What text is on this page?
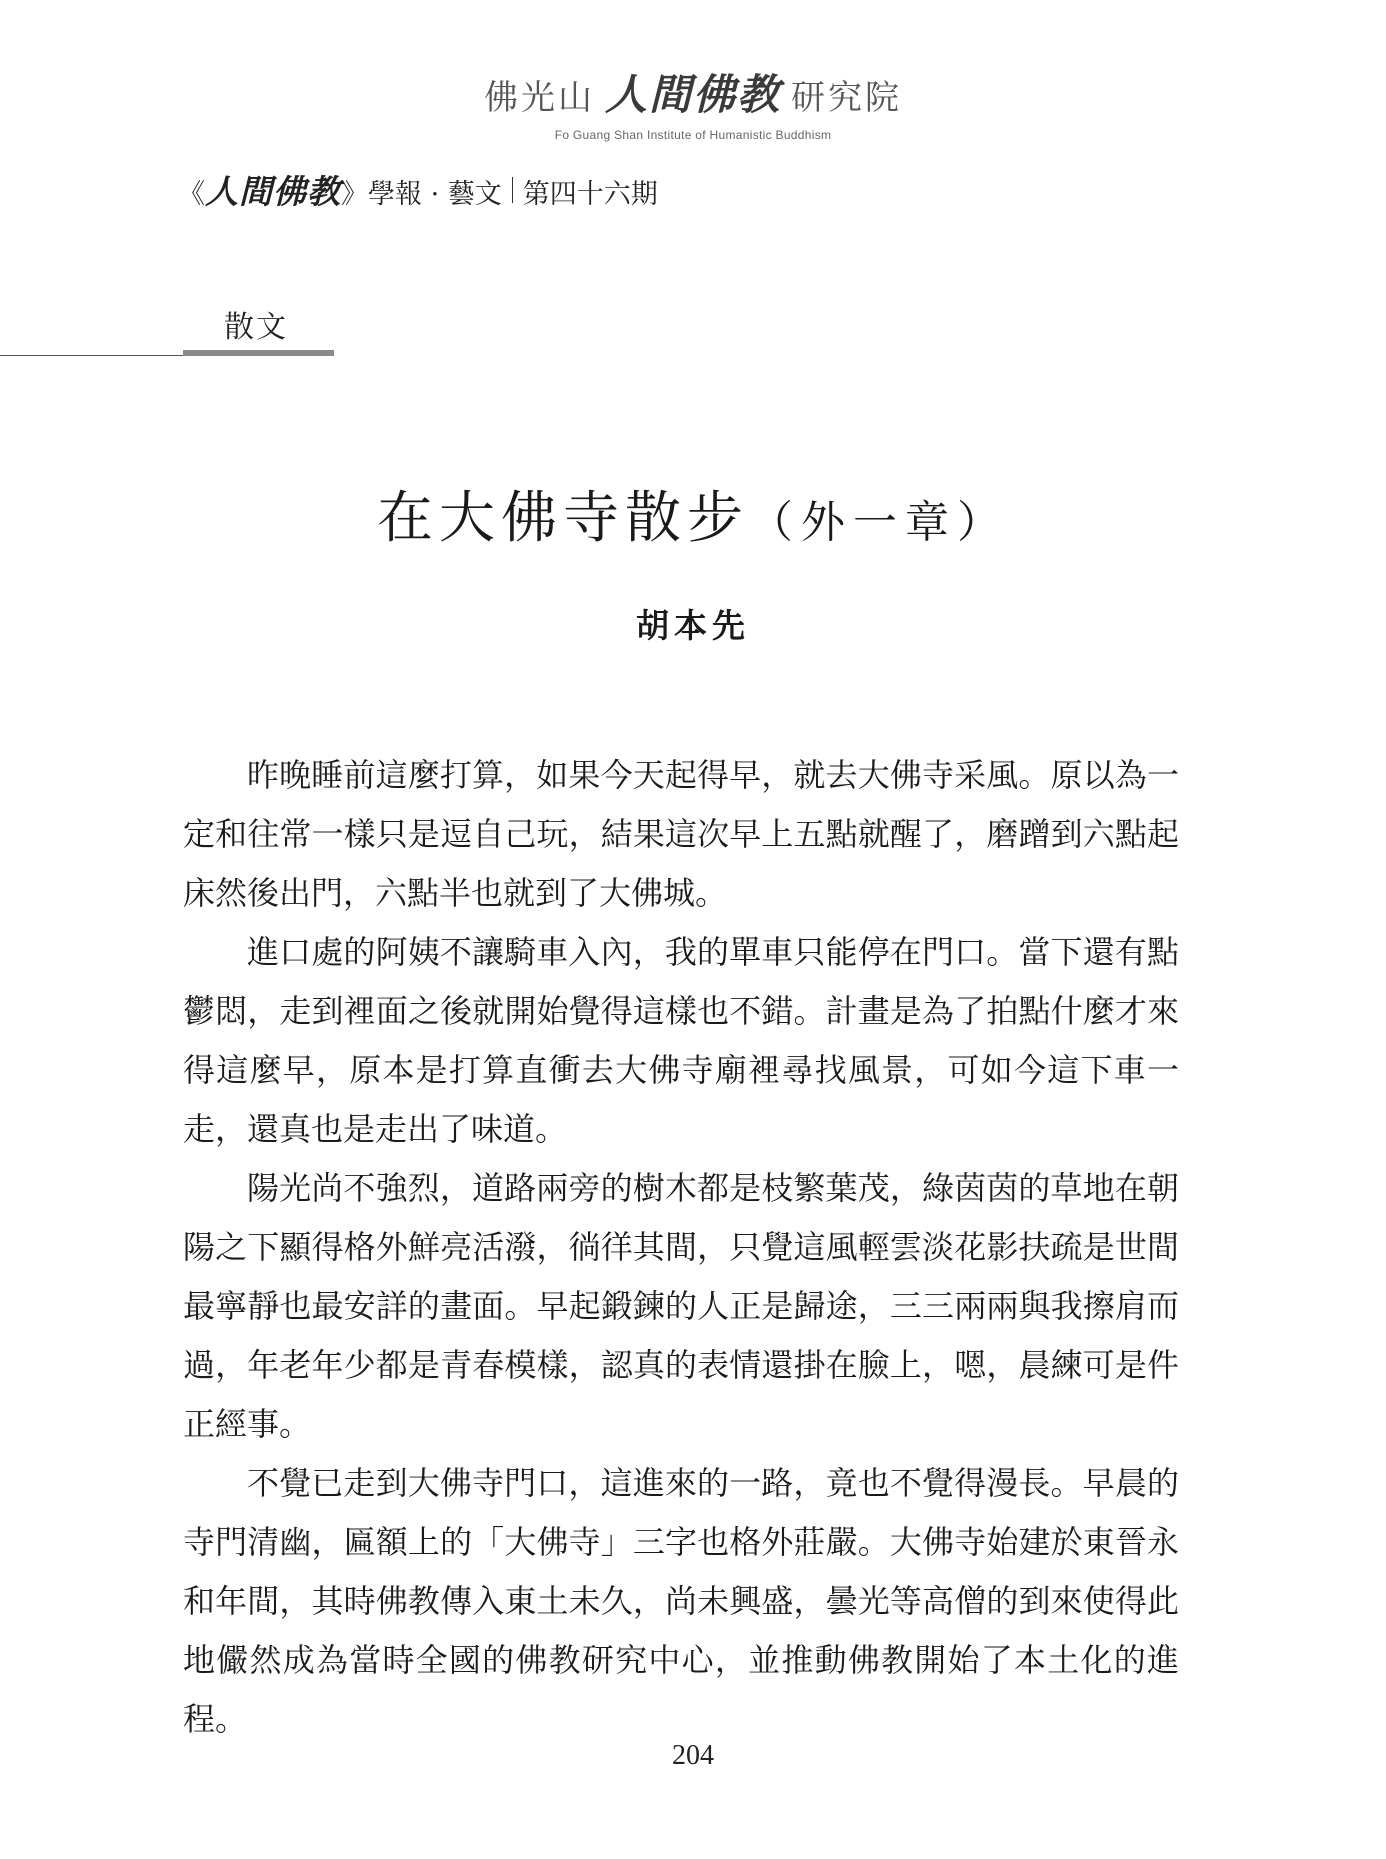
佛光山 人間佛教 研究院
Fo Guang Shan Institute of Humanistic Buddhism
《 人間佛教 》 學報 · 藝文 第四十六期
散文
在大佛寺散步（外一章）
胡本先

昨晚睡前這麼打算，如果今天起得早，就去大佛寺采風。原以為一定和往常一樣只是逗自己玩，結果這次早上五點就醒了，磨蹭到六點起床然後出門，六點半也就到了大佛城。

進口處的阿姨不讓騎車入內，我的單車只能停在門口。當下還有點鬱悶，走到裡面之後就開始覺得這樣也不錯。計畫是為了拍點什麼才來得這麼早，原本是打算直衝去大佛寺廟裡尋找風景，可如今這下車一走，還真也是走出了味道。

陽光尚不強烈，道路兩旁的樹木都是枝繁葉茂，綠茵茵的草地在朝陽之下顯得格外鮮亮活潑，徜徉其間，只覺這風輕雲淡花影扶疏是世間最寧靜也最安詳的畫面。早起鍛鍊的人正是歸途，三三兩兩與我擦肩而過，年老年少都是青春模樣，認真的表情還掛在臉上，嗯，晨練可是件正經事。

不覺已走到大佛寺門口，這進來的一路，竟也不覺得漫長。早晨的寺門清幽，匾額上的「大佛寺」三字也格外莊嚴。大佛寺始建於東晉永和年間，其時佛教傳入東土未久，尚未興盛，曇光等高僧的到來使得此地儼然成為當時全國的佛教研究中心，並推動佛教開始了本土化的進程。

204
